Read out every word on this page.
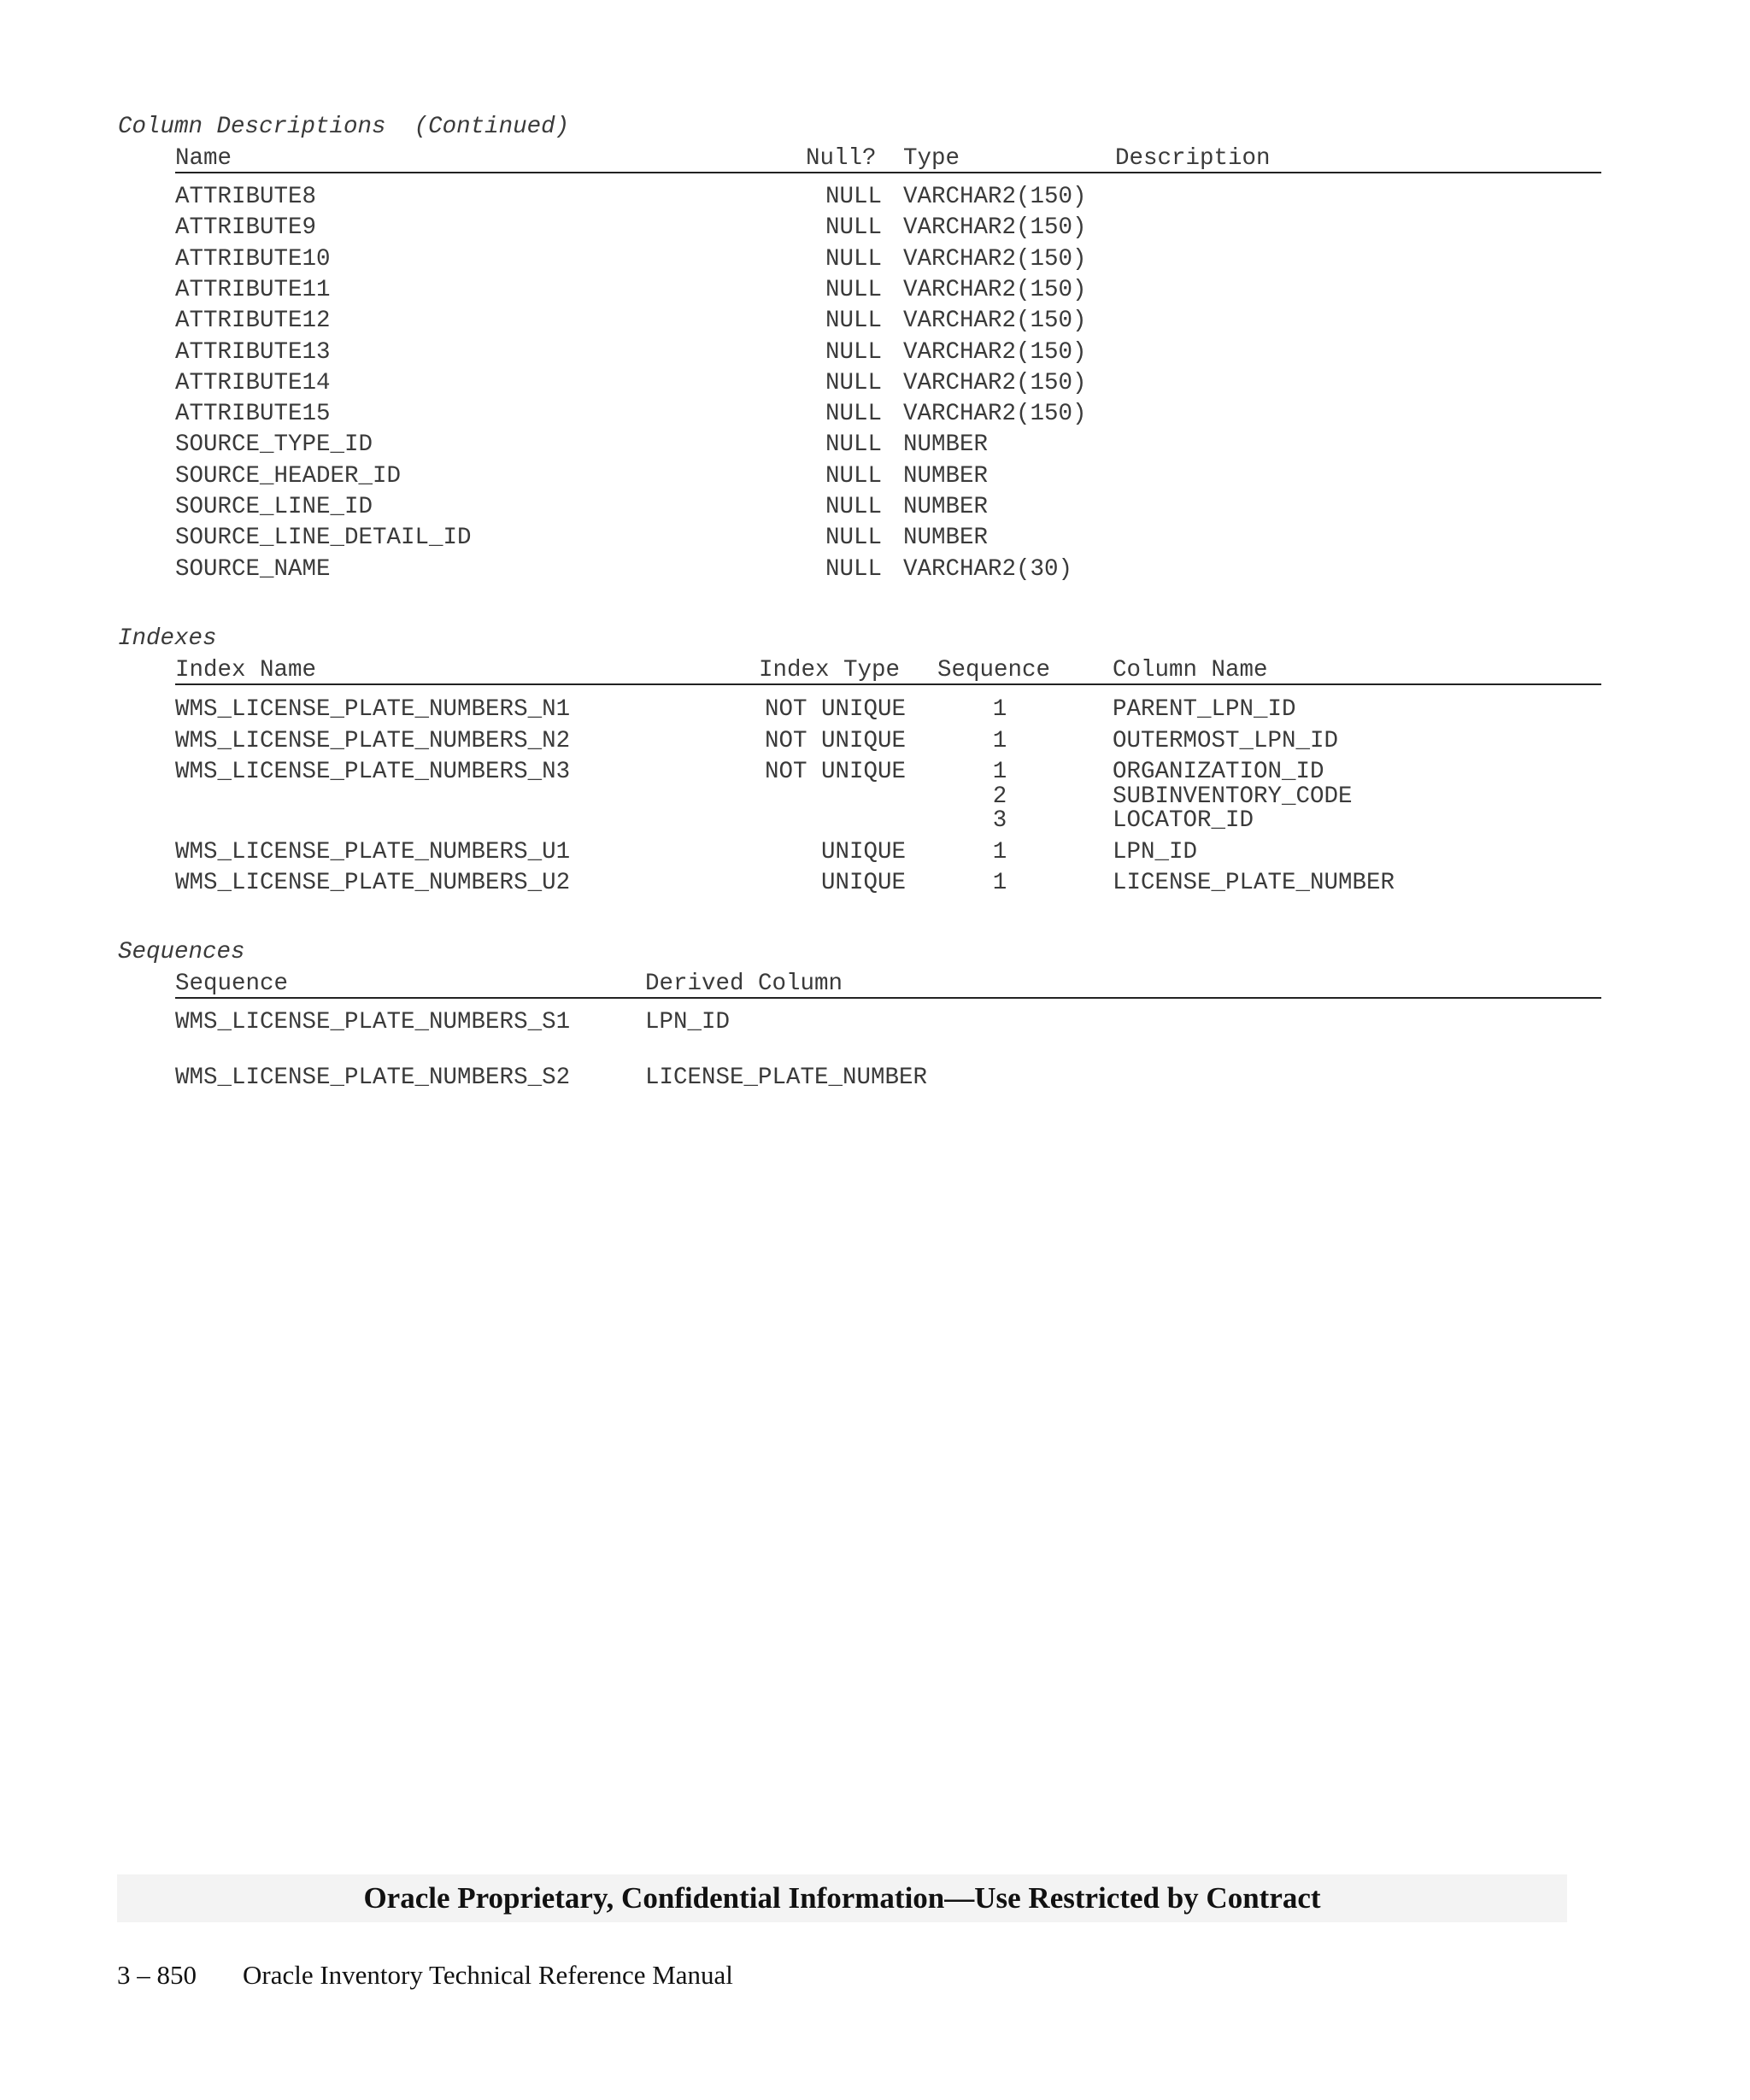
Column Descriptions (Continued)
Name	Null? Type	Description
ATTRIBUTE8	NULL VARCHAR2(150)
ATTRIBUTE9	NULL VARCHAR2(150)
ATTRIBUTE10	NULL VARCHAR2(150)
ATTRIBUTE11	NULL VARCHAR2(150)
ATTRIBUTE12	NULL VARCHAR2(150)
ATTRIBUTE13	NULL VARCHAR2(150)
ATTRIBUTE14	NULL VARCHAR2(150)
ATTRIBUTE15	NULL VARCHAR2(150)
SOURCE_TYPE_ID	NULL NUMBER
SOURCE_HEADER_ID	NULL NUMBER
SOURCE_LINE_ID	NULL NUMBER
SOURCE_LINE_DETAIL_ID	NULL NUMBER
SOURCE_NAME	NULL VARCHAR2(30)
Indexes
Index Name	Index Type Sequence	Column Name
WMS_LICENSE_PLATE_NUMBERS_N1	NOT UNIQUE	1	PARENT_LPN_ID
WMS_LICENSE_PLATE_NUMBERS_N2	NOT UNIQUE	1	OUTERMOST_LPN_ID
WMS_LICENSE_PLATE_NUMBERS_N3	NOT UNIQUE	1	ORGANIZATION_ID
2	SUBINVENTORY_CODE
3	LOCATOR_ID
WMS_LICENSE_PLATE_NUMBERS_U1	UNIQUE	1	LPN_ID
WMS_LICENSE_PLATE_NUMBERS_U2	UNIQUE	1	LICENSE_PLATE_NUMBER
Sequences
Sequence	Derived Column
WMS_LICENSE_PLATE_NUMBERS_S1	LPN_ID
WMS_LICENSE_PLATE_NUMBERS_S2	LICENSE_PLATE_NUMBER
Oracle Proprietary, Confidential Information––Use Restricted by Contract
3 – 850 Oracle Inventory Technical Reference Manual
